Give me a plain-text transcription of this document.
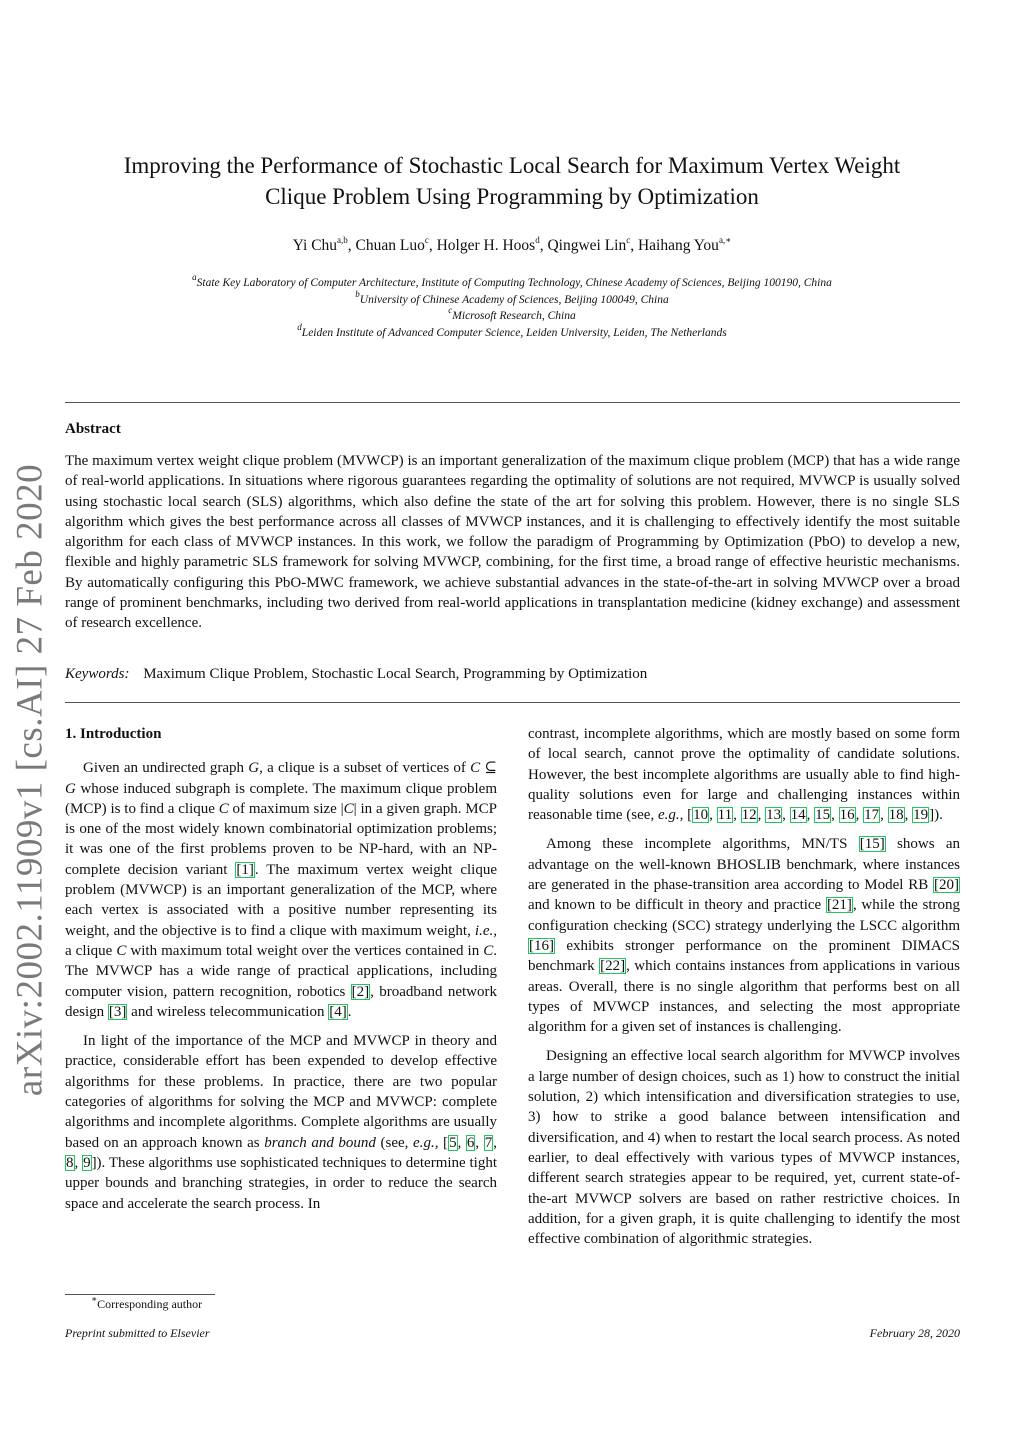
arXiv:2002.11909v1 [cs.AI] 27 Feb 2020
Improving the Performance of Stochastic Local Search for Maximum Vertex Weight
Clique Problem Using Programming by Optimization
Yi Chu$^{a,b}$, Chuan Luo$^c$, Holger H. Hoos$^d$, Qingwei Lin$^c$, Haihang You$^{a,∗}$
$^a$State Key Laboratory of Computer Architecture, Institute of Computing Technology, Chinese Academy of Sciences, Beijing 100190, China
$^b$University of Chinese Academy of Sciences, Beijing 100049, China
$^c$Microsoft Research, China
$^d$Leiden Institute of Advanced Computer Science, Leiden University, Leiden, The Netherlands
Abstract
The maximum vertex weight clique problem (MVWCP) is an important generalization of the maximum clique problem (MCP) that has a wide range of real-world applications. In situations where rigorous guarantees regarding the optimality of solutions are not required, MVWCP is usually solved using stochastic local search (SLS) algorithms, which also define the state of the art for solving this problem. However, there is no single SLS algorithm which gives the best performance across all classes of MVWCP instances, and it is challenging to effectively identify the most suitable algorithm for each class of MVWCP instances. In this work, we follow the paradigm of Programming by Optimization (PbO) to develop a new, flexible and highly parametric SLS framework for solving MVWCP, combining, for the first time, a broad range of effective heuristic mechanisms. By automatically configuring this PbO-MWC framework, we achieve substantial advances in the state-of-the-art in solving MVWCP over a broad range of prominent benchmarks, including two derived from real-world applications in transplantation medicine (kidney exchange) and assessment of research excellence.
Keywords: Maximum Clique Problem, Stochastic Local Search, Programming by Optimization
1. Introduction

Given an undirected graph G, a clique is a subset of vertices of C ⊆ G whose induced subgraph is complete. The maximum clique problem (MCP) is to find a clique C of maximum size |C| in a given graph. MCP is one of the most widely known combinatorial optimization problems; it was one of the first problems proven to be NP-hard, with an NP-complete decision variant [1]. The maximum vertex weight clique problem (MVWCP) is an important generalization of the MCP, where each vertex is associated with a positive number representing its weight, and the objective is to find a clique with maximum weight, i.e., a clique C with maximum total weight over the vertices contained in C. The MVWCP has a wide range of practical applications, including computer vision, pattern recognition, robotics [2], broadband network design [3] and wireless telecommunication [4].

In light of the importance of the MCP and MVWCP in theory and practice, considerable effort has been expended to develop effective algorithms for these problems. In practice, there are two popular categories of algorithms for solving the MCP and MVWCP: complete algorithms and incomplete algorithms. Complete algorithms are usually based on an approach known as branch and bound (see, e.g., [5, 6, 7, 8, 9]). These algorithms use sophisticated techniques to determine tight upper bounds and branching strategies, in order to reduce the search space and accelerate the search process. In

contrast, incomplete algorithms, which are mostly based on some form of local search, cannot prove the optimality of candidate solutions. However, the best incomplete algorithms are usually able to find high-quality solutions even for large and challenging instances within reasonable time (see, e.g., [10, 11, 12, 13, 14, 15, 16, 17, 18, 19]).

Among these incomplete algorithms, MN/TS [15] shows an advantage on the well-known BHOSLIB benchmark, where instances are generated in the phase-transition area according to Model RB [20] and known to be difficult in theory and practice [21], while the strong configuration checking (SCC) strategy underlying the LSCC algorithm [16] exhibits stronger performance on the prominent DIMACS benchmark [22], which contains instances from applications in various areas. Overall, there is no single algorithm that performs best on all types of MVWCP instances, and selecting the most appropriate algorithm for a given set of instances is challenging.

Designing an effective local search algorithm for MVWCP involves a large number of design choices, such as 1) how to construct the initial solution, 2) which intensification and diversification strategies to use, 3) how to strike a good balance between intensification and diversification, and 4) when to restart the local search process. As noted earlier, to deal effectively with various types of MVWCP instances, different search strategies appear to be required, yet, current state-of-the-art MVWCP solvers are based on rather restrictive choices. In addition, for a given graph, it is quite challenging to identify the most effective combination of algorithmic strategies.

∗Corresponding author
Preprint submitted to Elsevier	February 28, 2020
